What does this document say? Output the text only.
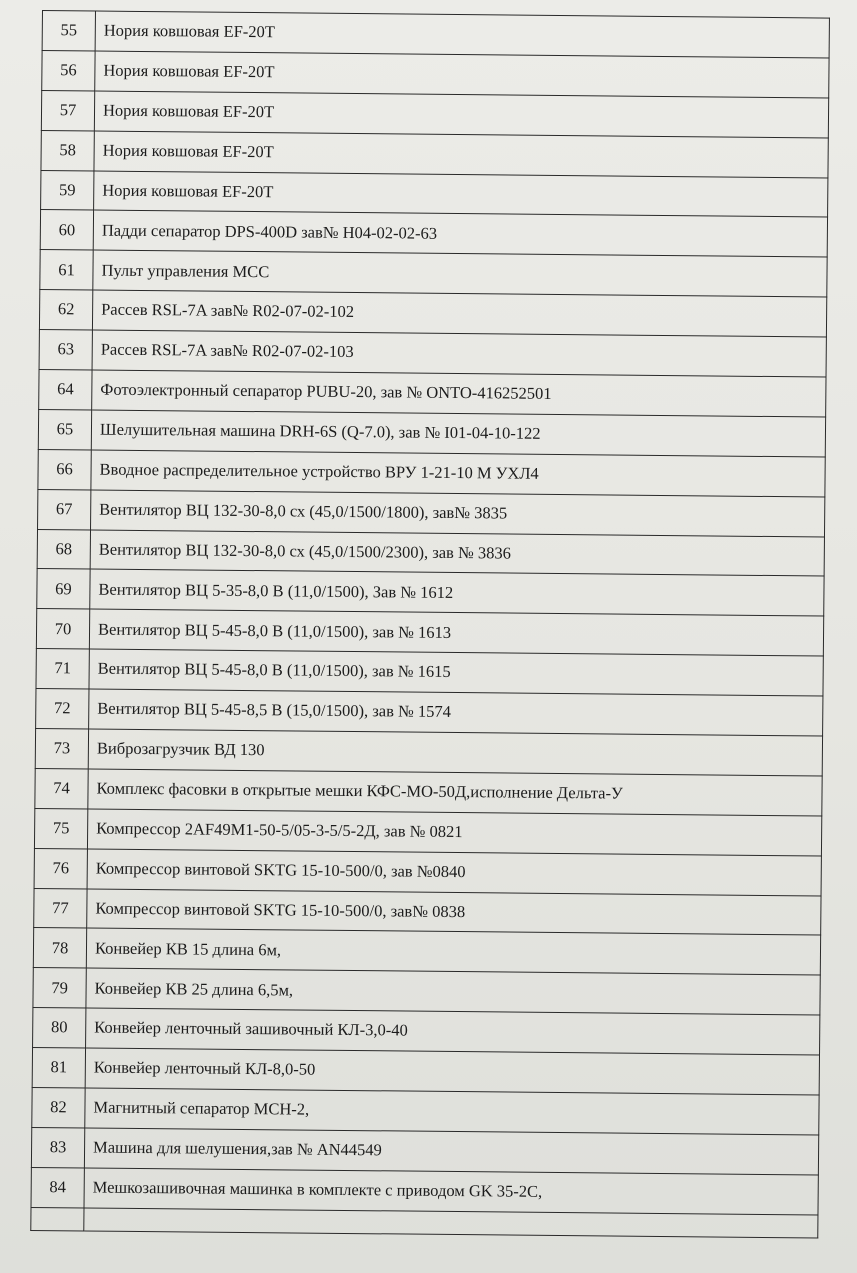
55	Нория ковшовая EF-20T
56	Нория ковшовая EF-20T
57	Нория ковшовая EF-20T
58	Нория ковшовая EF-20T
59	Нория ковшовая EF-20T
60	Падди сепаратор DPS-400D зав№ H04-02-02-63
61	Пульт управления МСС
62	Рассев RSL-7A зав№ R02-07-02-102
63	Рассев RSL-7A зав№ R02-07-02-103
64	Фотоэлектронный сепаратор PUBU-20, зав № ONTO-416252501
65	Шелушительная машина DRH-6S (Q-7.0), зав № I01-04-10-122
66	Вводное распределительное устройство ВРУ 1-21-10 М УХЛ4
67	Вентилятор ВЦ 132-30-8,0 сх (45,0/1500/1800), зав№ 3835
68	Вентилятор ВЦ 132-30-8,0 сх (45,0/1500/2300), зав № 3836
69	Вентилятор ВЦ 5-35-8,0 В (11,0/1500), Зав № 1612
70	Вентилятор ВЦ 5-45-8,0 В (11,0/1500), зав № 1613
71	Вентилятор ВЦ 5-45-8,0 В (11,0/1500), зав № 1615
72	Вентилятор ВЦ 5-45-8,5 В (15,0/1500), зав № 1574
73	Виброзагрузчик ВД 130
74	Комплекс фасовки в открытые мешки КФС-МО-50Д,исполнение Дельта-У
75	Компрессор 2AF49M1-50-5/05-3-5/5-2Д, зав № 0821
76	Компрессор винтовой SKTG 15-10-500/0, зав №0840
77	Компрессор винтовой SKTG 15-10-500/0, зав№ 0838
78	Конвейер КВ 15 длина 6м,
79	Конвейер КВ 25 длина 6,5м,
80	Конвейер ленточный зашивочный КЛ-3,0-40
81	Конвейер ленточный КЛ-8,0-50
82	Магнитный сепаратор МСН-2,
83	Машина для шелушения,зав № AN44549
84	Мешкозашивочная машинка в комплекте с приводом GK 35-2C,
